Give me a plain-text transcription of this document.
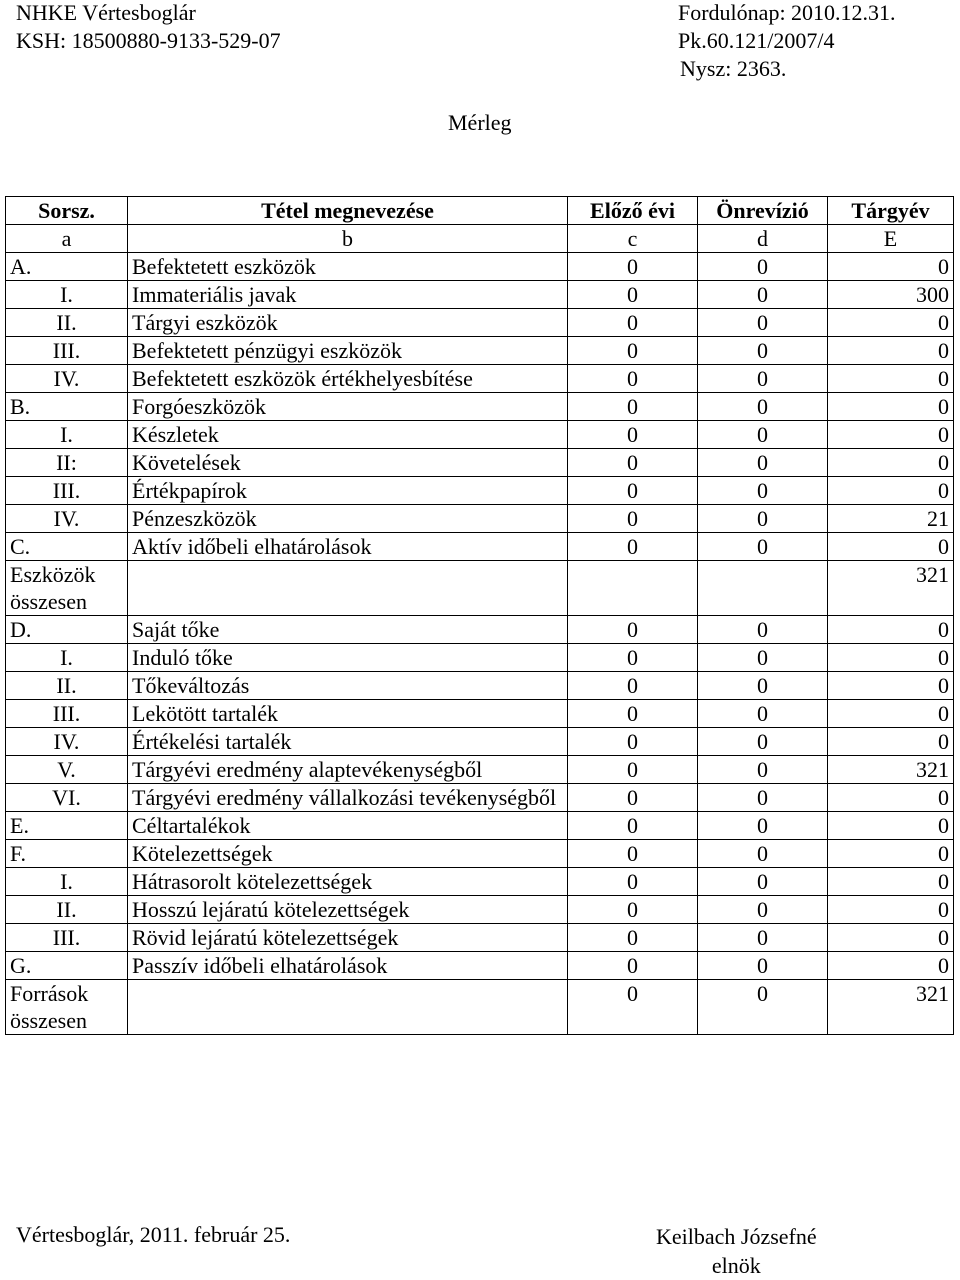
NHKE Vértesboglár
KSH: 18500880-9133-529-07
Fordulónap: 2010.12.31.
Pk.60.121/2007/4
Nysz: 2363.
Mérleg
Sorsz.	Tétel megnevezése	Előző évi	Önrevízió	Tárgyév
a	b	c	d	E
A.	Befektetett eszközök	0	0	0
I.	Immateriális javak	0	0	300
II.	Tárgyi eszközök	0	0	0
III.	Befektetett pénzügyi eszközök	0	0	0
IV.	Befektetett eszközök értékhelyesbítése	0	0	0
B.	Forgóeszközök	0	0	0
I.	Készletek	0	0	0
II:	Követelések	0	0	0
III.	Értékpapírok	0	0	0
IV.	Pénzeszközök	0	0	21
C.	Aktív időbeli elhatárolások	0	0	0
Eszközök összesen				321
D.	Saját tőke	0	0	0
I.	Induló tőke	0	0	0
II.	Tőkeváltozás	0	0	0
III.	Lekötött tartalék	0	0	0
IV.	Értékelési tartalék	0	0	0
V.	Tárgyévi eredmény alaptevékenységből	0	0	321
VI.	Tárgyévi eredmény vállalkozási tevékenységből	0	0	0
E.	Céltartalékok	0	0	0
F.	Kötelezettségek	0	0	0
I.	Hátrasorolt kötelezettségek	0	0	0
II.	Hosszú lejáratú kötelezettségek	0	0	0
III.	Rövid lejáratú kötelezettségek	0	0	0
G.	Passzív időbeli elhatárolások	0	0	0
Források összesen		0	0	321
Vértesboglár, 2011. február 25.	Keilbach Józsefné
elnök
